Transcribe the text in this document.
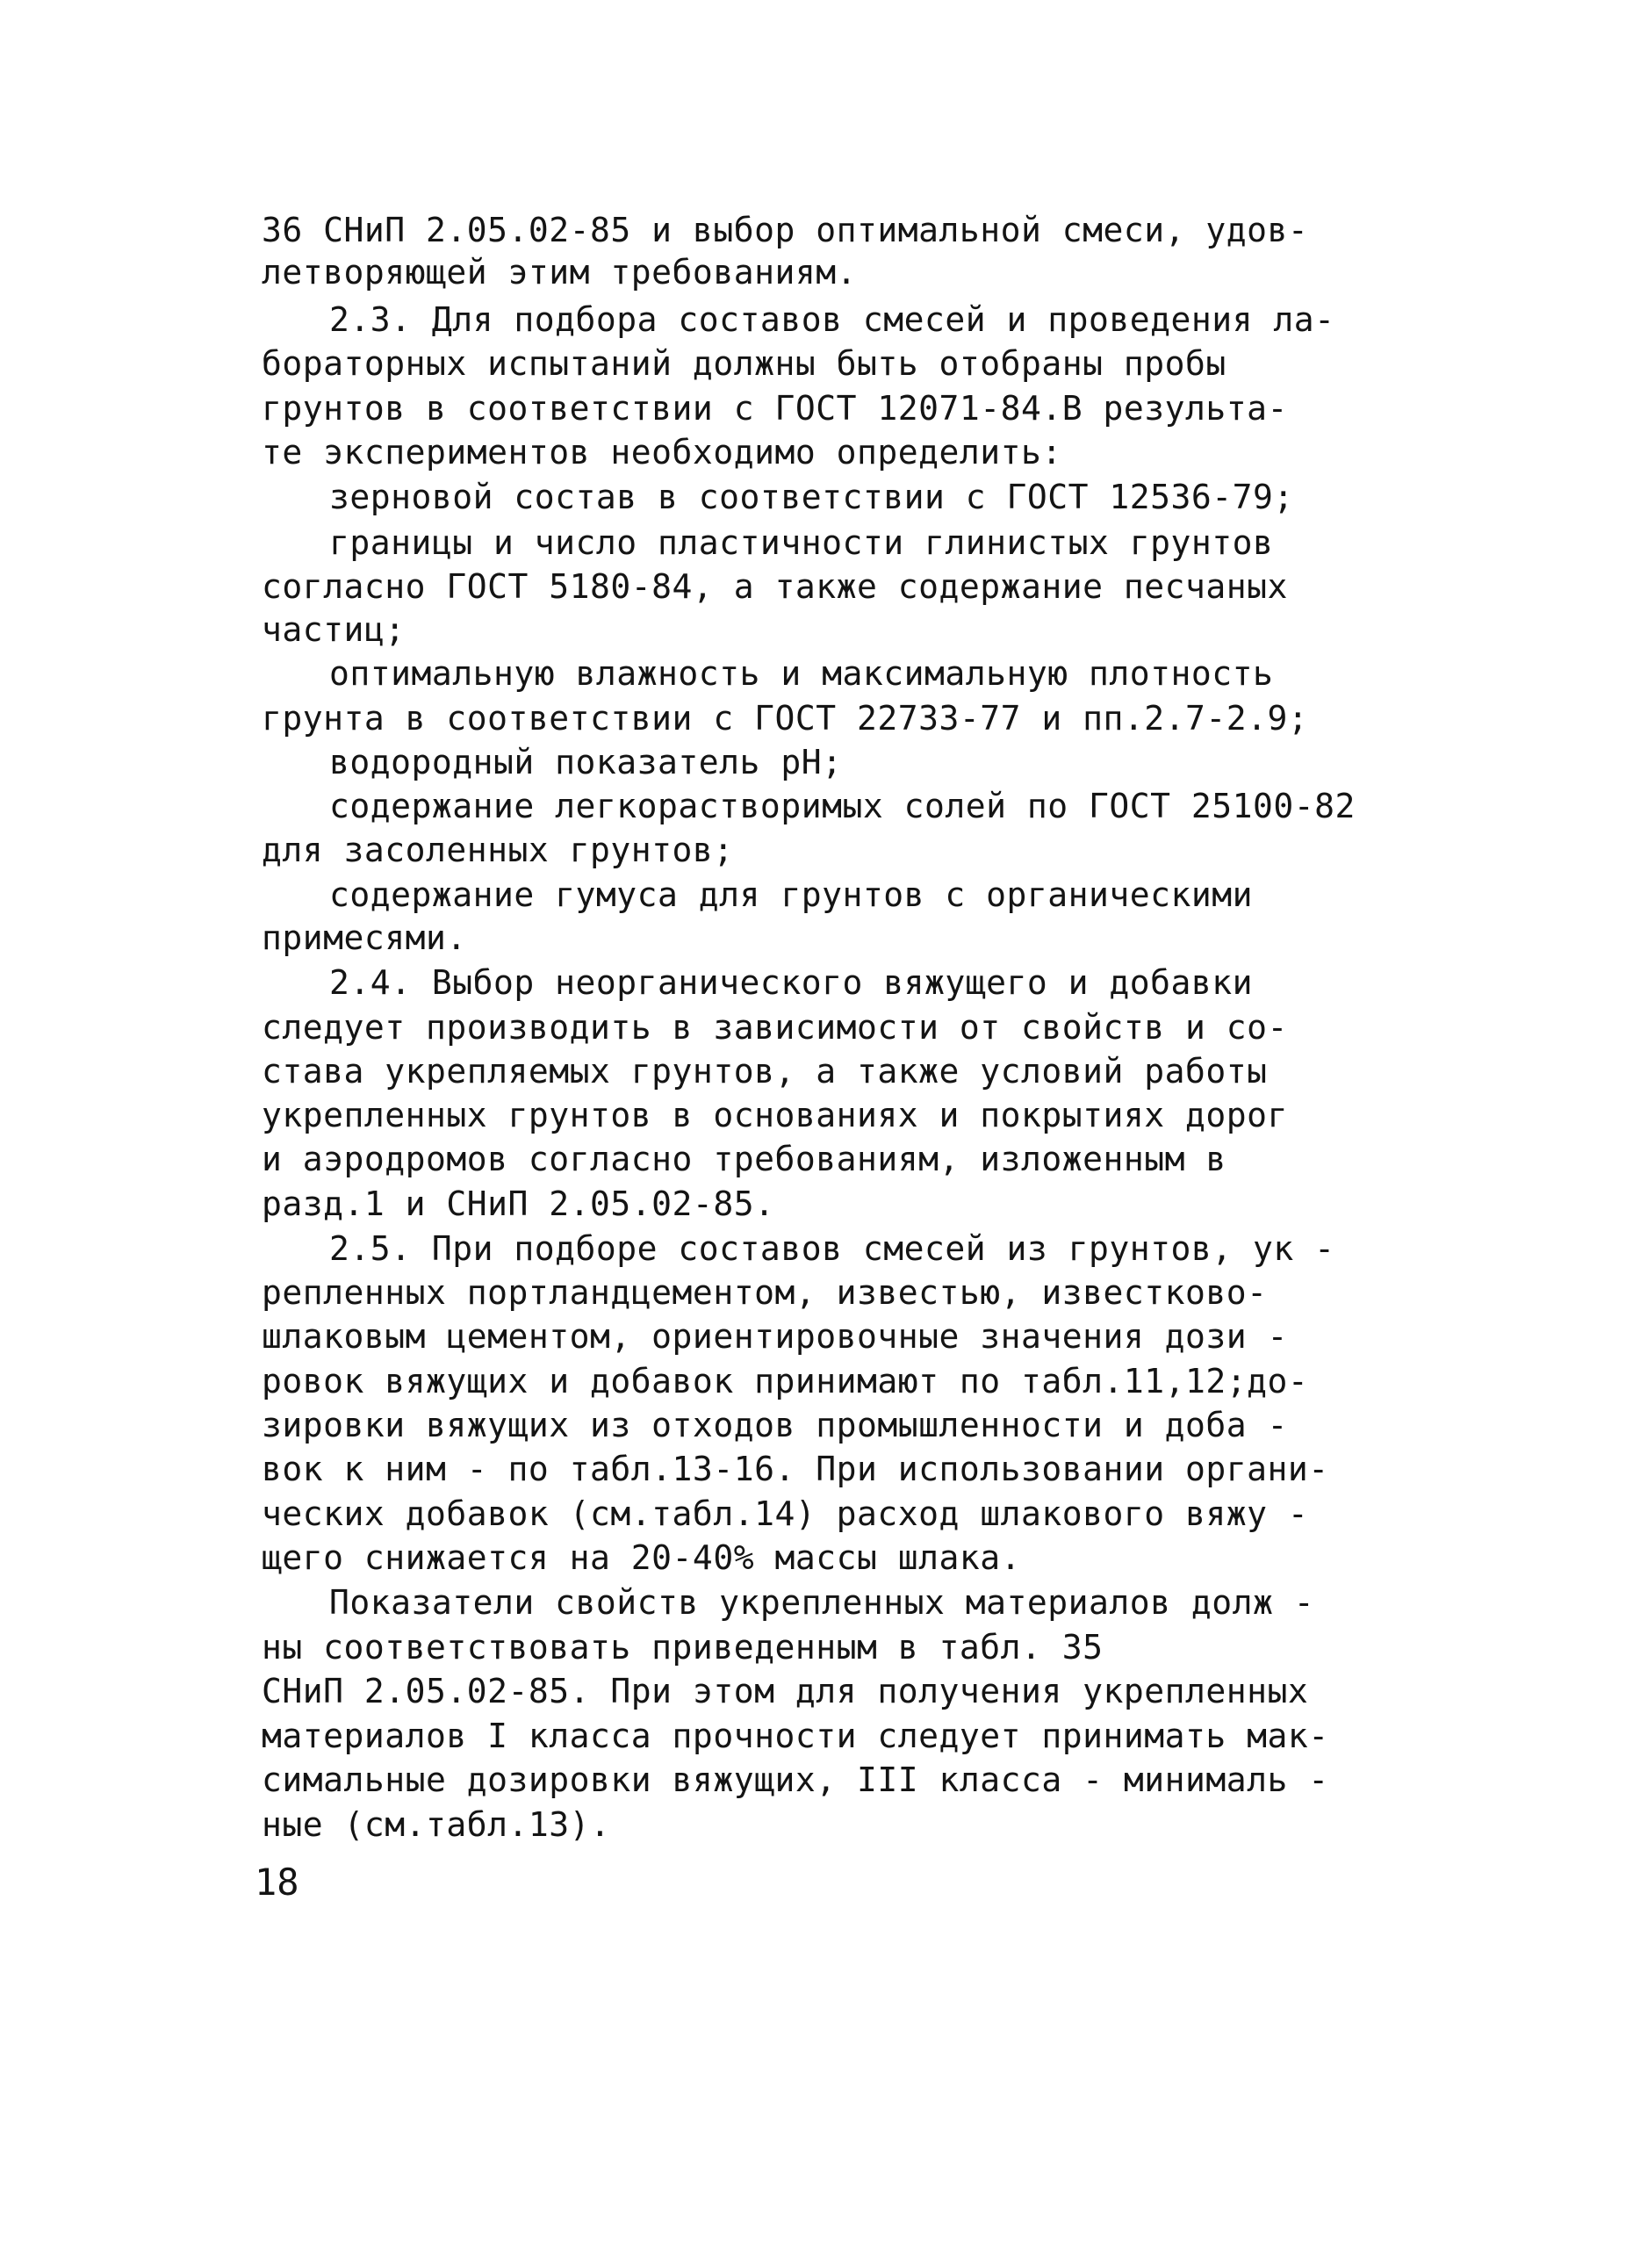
36 СНиП 2.05.02-85 и выбор оптимальной смеси, удов-
летворяющей этим требованиям.
2.3. Для подбора составов смесей и проведения ла-
бораторных испытаний должны быть отобраны пробы
грунтов в соответствии с ГОСТ 12071-84.В результа-
те экспериментов необходимо определить:
зерновой состав в соответствии с ГОСТ 12536-79;
границы и число пластичности глинистых грунтов
согласно ГОСТ 5180-84, а также содержание песчаных
частиц;
оптимальную влажность и максимальную плотность
грунта в соответствии с ГОСТ 22733-77 и пп.2.7-2.9;
водородный показатель pH;
содержание легкорастворимых солей по ГОСТ 25100-82
для засоленных грунтов;
содержание гумуса для грунтов с органическими
примесями.
2.4. Выбор неорганического вяжущего и добавки
следует производить в зависимости от свойств и со-
става укрепляемых грунтов, а также условий работы
укрепленных грунтов в основаниях и покрытиях дорог
и аэродромов согласно требованиям, изложенным в
разд.1 и СНиП 2.05.02-85.
2.5. При подборе составов смесей из грунтов, ук -
репленных портландцементом, известью, известково-
шлаковым цементом, ориентировочные значения дози -
ровок вяжущих и добавок принимают по табл.11,12;до-
зировки вяжущих из отходов промышленности и доба -
вок к ним - по табл.13-16. При использовании органи-
ческих добавок (см.табл.14) расход шлакового вяжу -
щего снижается на 20-40% массы шлака.
Показатели свойств укрепленных материалов долж -
ны соответствовать приведенным в табл. 35
СНиП 2.05.02-85. При этом для получения укрепленных
материалов I класса прочности следует принимать мак-
симальные дозировки вяжущих, III класса - минималь -
ные (см.табл.13).
18
